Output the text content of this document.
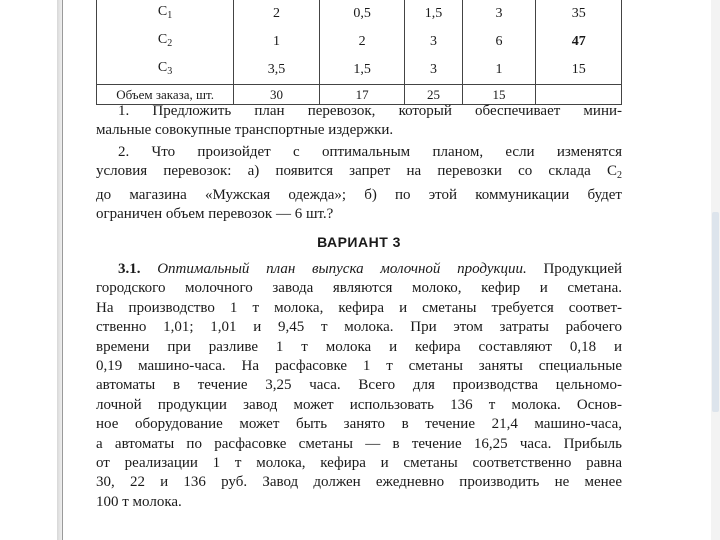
$C_1$	2	0,5	1,5	3	35
$C_2$	1	2	3	6	47
$C_3$	3,5	1,5	3	1	15
Объем заказа, шт.	30	17	25	15	
1. Предложить план перевозок, который обеспечивает мини-
мальные совокупные транспортные издержки.
2. Что произойдет с оптимальным планом, если изменятся
условия перевозок: а) появится запрет на перевозки со склада $С_2$
до магазина «Мужская одежда»; б) по этой коммуникации будет
ограничен объем перевозок — 6 шт.?
ВАРИАНТ 3
3.1. Оптимальный план выпуска молочной продукции. Продукцией
городского молочного завода являются молоко, кефир и сметана.
На производство 1 т молока, кефира и сметаны требуется соответ-
ственно 1,01; 1,01 и 9,45 т молока. При этом затраты рабочего
времени при разливе 1 т молока и кефира составляют 0,18 и
0,19 машино-часа. На расфасовке 1 т сметаны заняты специальные
автоматы в течение 3,25 часа. Всего для производства цельномо-
лочной продукции завод может использовать 136 т молока. Основ-
ное оборудование может быть занято в течение 21,4 машино-часа,
а автоматы по расфасовке сметаны — в течение 16,25 часа. Прибыль
от реализации 1 т молока, кефира и сметаны соответственно равна
30, 22 и 136 руб. Завод должен ежедневно производить не менее
100 т молока.
